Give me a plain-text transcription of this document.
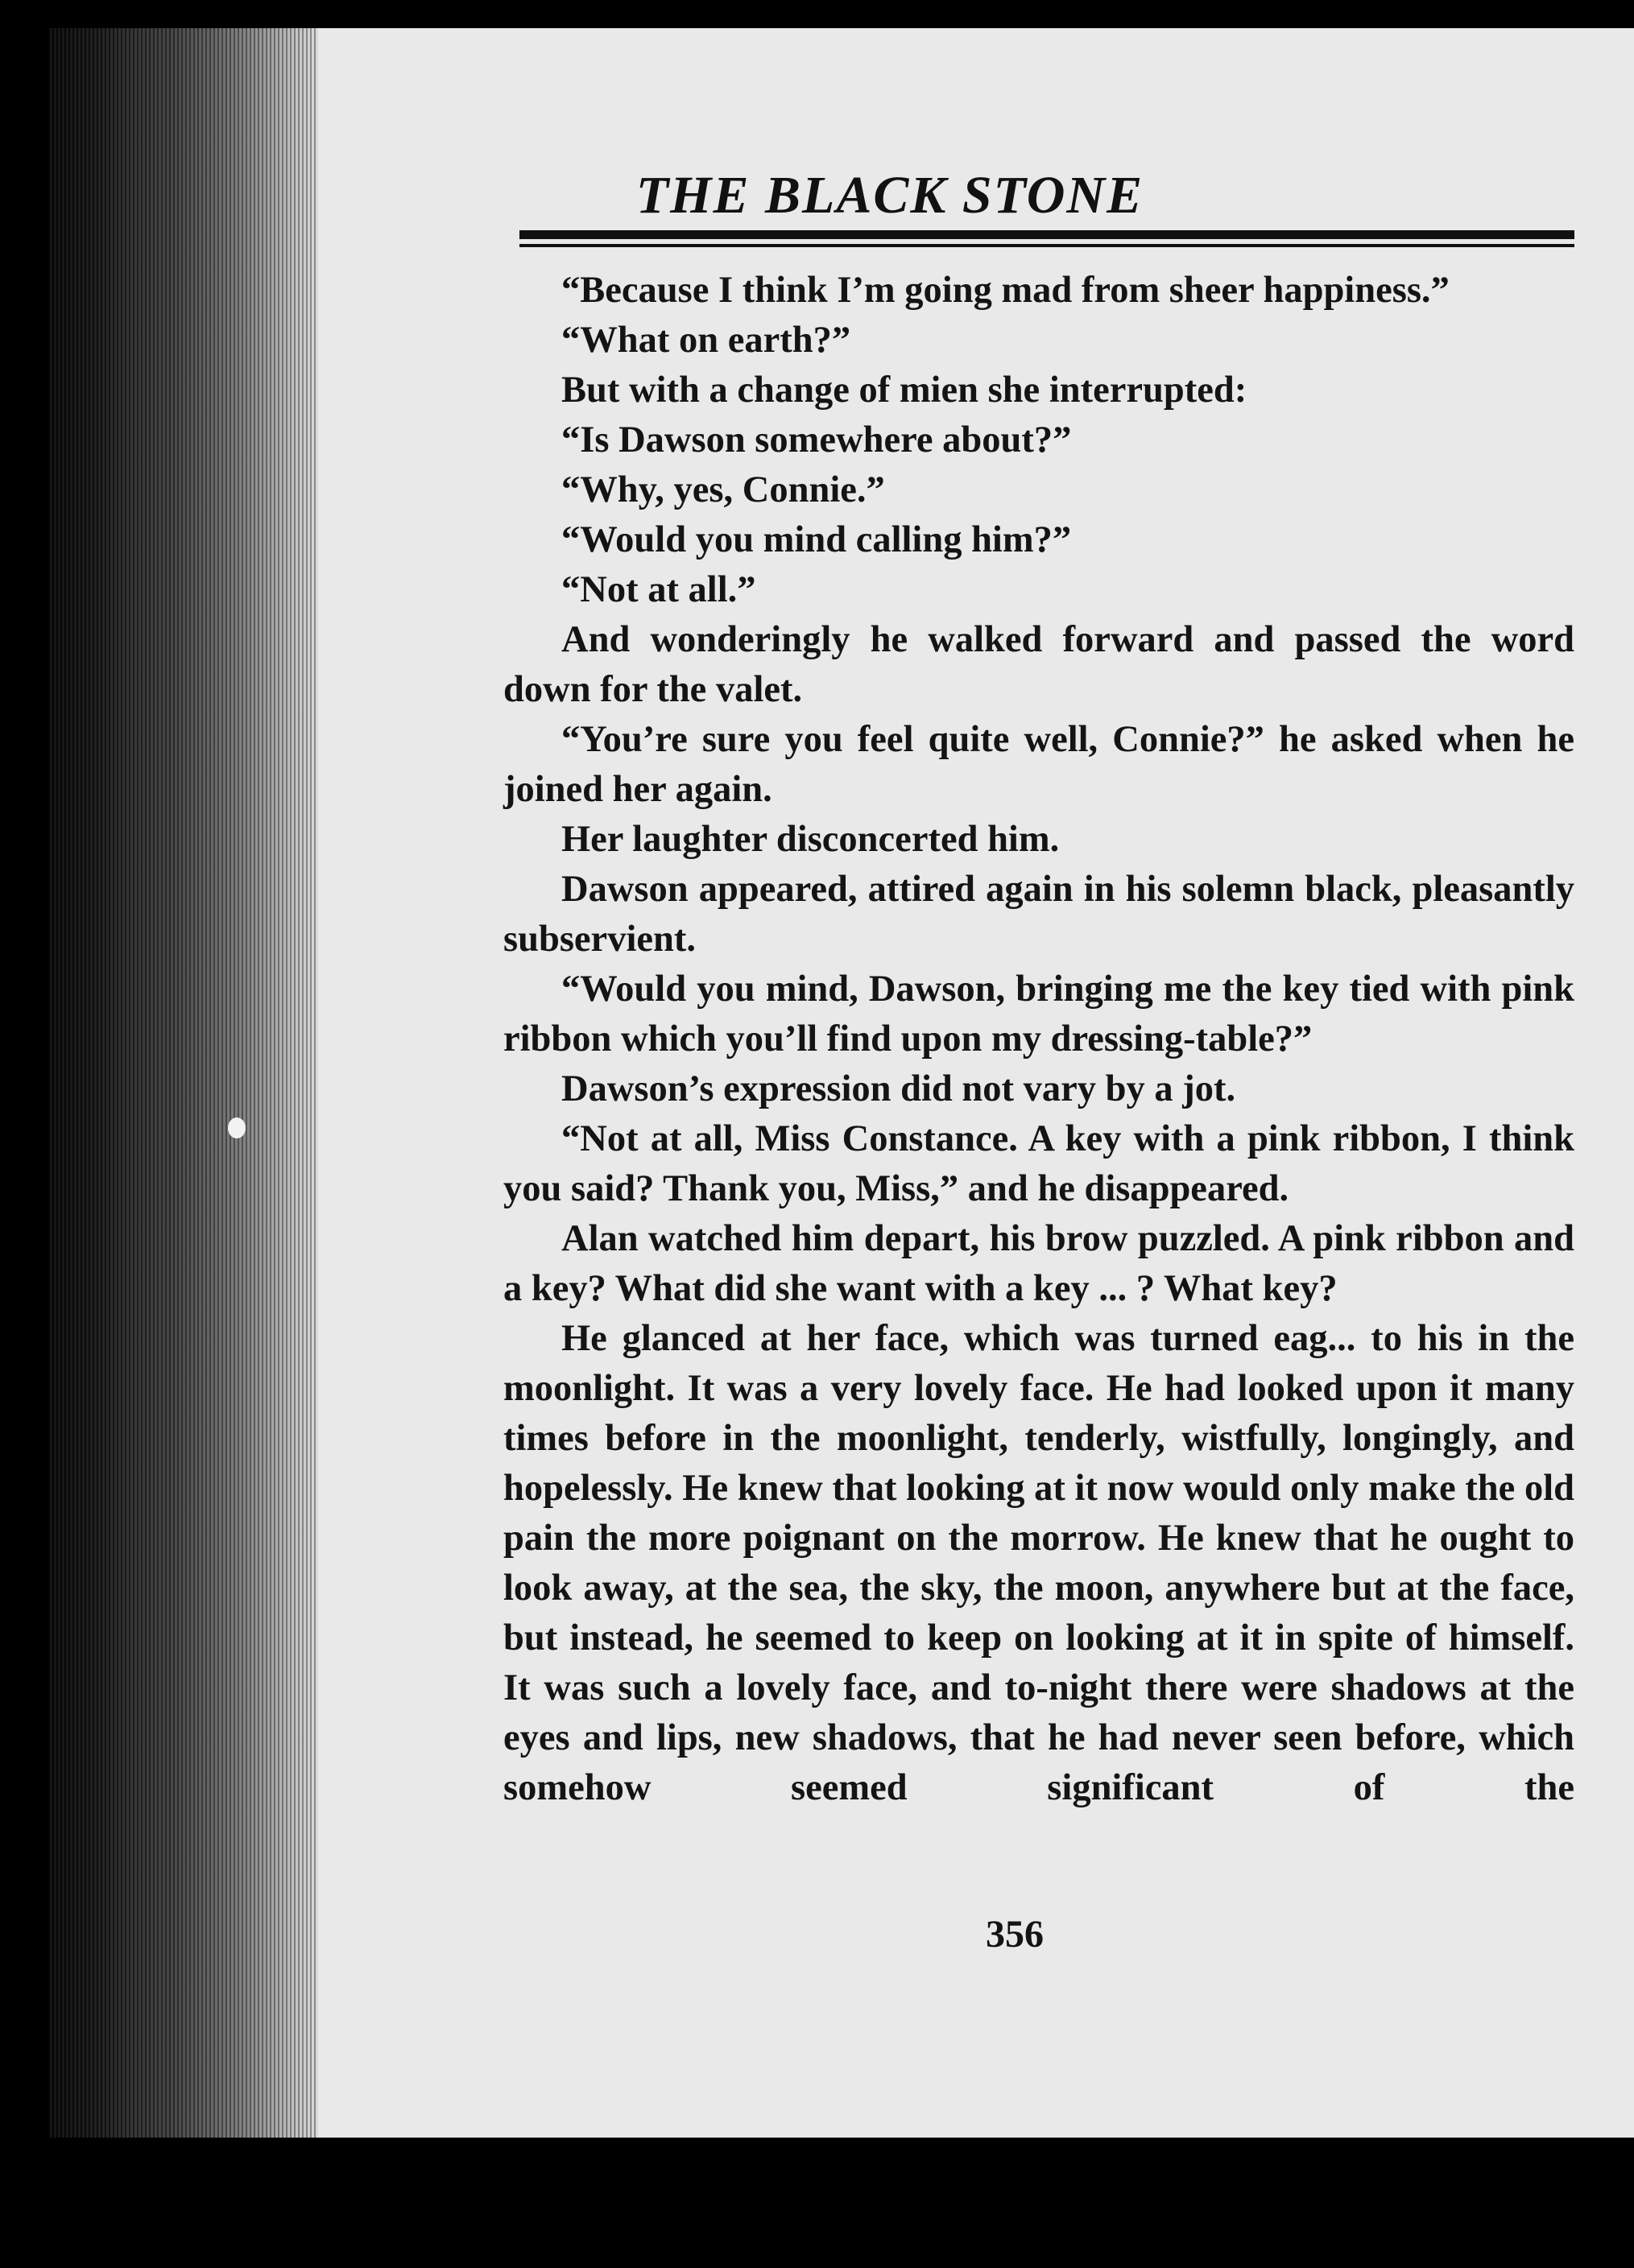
THE BLACK STONE

“Because I think I’m going mad from sheer happiness.”

“What on earth?”

But with a change of mien she interrupted:

“Is Dawson somewhere about?”

“Why, yes, Connie.”

“Would you mind calling him?”

“Not at all.”

And wonderingly he walked forward and passed the word down for the valet.

“You’re sure you feel quite well, Connie?” he asked when he joined her again.

Her laughter disconcerted him.

Dawson appeared, attired again in his solemn black, pleasantly subservient.

“Would you mind, Dawson, bringing me the key tied with pink ribbon which you’ll find upon my dressing-table?”

Dawson’s expression did not vary by a jot.

“Not at all, Miss Constance. A key with a pink ribbon, I think you said? Thank you, Miss,” and he disappeared.

Alan watched him depart, his brow puzzled. A pink ribbon and a key? What did she want with a key ... ? What key?

He glanced at her face, which was turned eag... to his in the moonlight. It was a very lovely face. He had looked upon it many times before in the moonlight, tenderly, wistfully, longingly, and hopelessly. He knew that looking at it now would only make the old pain the more poignant on the morrow. He knew that he ought to look away, at the sea, the sky, the moon, anywhere but at the face, but instead, he seemed to keep on looking at it in spite of himself. It was such a lovely face, and to-night there were shadows at the eyes and lips, new shadows, that he had never seen before, which somehow seemed significant of the

356
